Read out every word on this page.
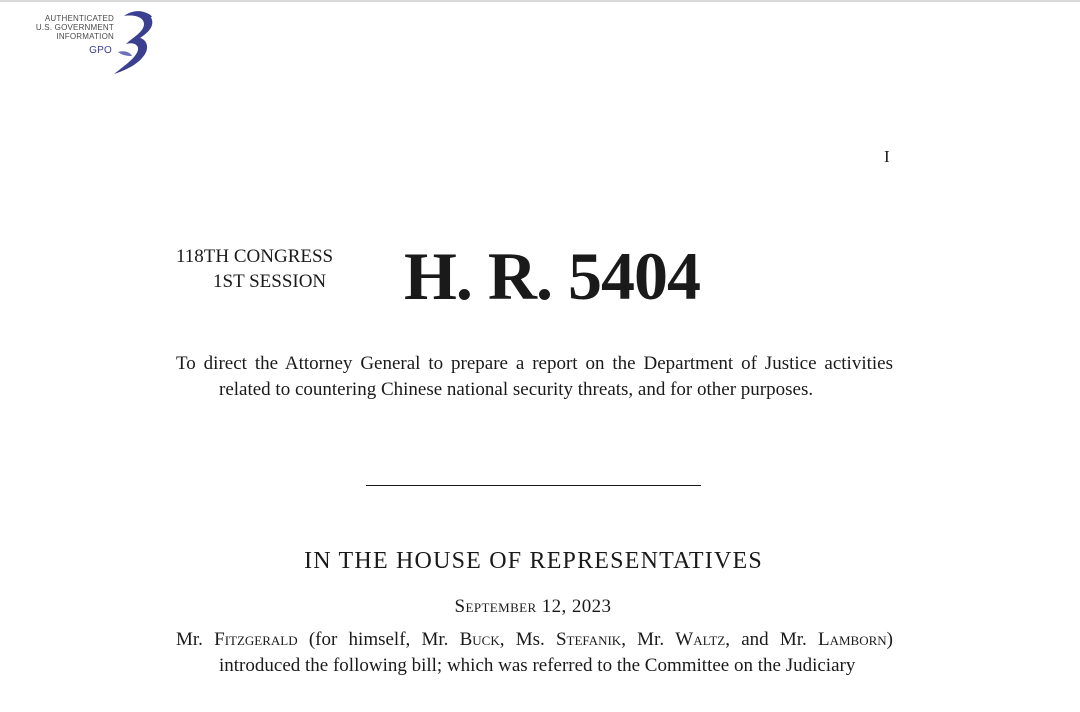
AUTHENTICATED
U.S. GOVERNMENT
INFORMATION
GPO
I
118TH CONGRESS
1ST SESSION	H. R. 5404
To direct the Attorney General to prepare a report on the Department of Justice activities related to countering Chinese national security threats, and for other purposes.
IN THE HOUSE OF REPRESENTATIVES
September 12, 2023
Mr. Fitzgerald (for himself, Mr. Buck, Ms. Stefanik, Mr. Waltz, and Mr. Lamborn) introduced the following bill; which was referred to the Committee on the Judiciary
